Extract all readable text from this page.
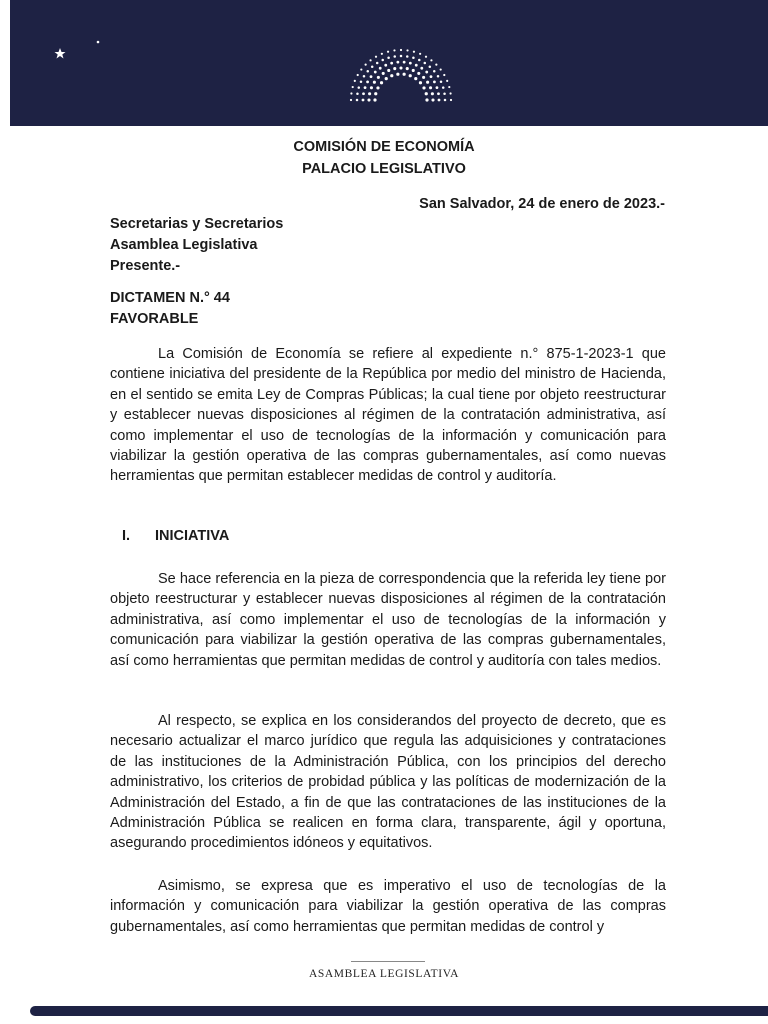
COMISIÓN DE ECONOMÍA
PALACIO LEGISLATIVO
San Salvador, 24 de enero de 2023.-
Secretarias y Secretarios
Asamblea Legislativa
Presente.-
DICTAMEN N.° 44
FAVORABLE

La Comisión de Economía se refiere al expediente n.° 875-1-2023-1 que contiene iniciativa del presidente de la República por medio del ministro de Hacienda, en el sentido se emita Ley de Compras Públicas; la cual tiene por objeto reestructurar y establecer nuevas disposiciones al régimen de la contratación administrativa, así como implementar el uso de tecnologías de la información y comunicación para viabilizar la gestión operativa de las compras gubernamentales, así como nuevas herramientas que permitan establecer medidas de control y auditoría.

I. INICIATIVA

Se hace referencia en la pieza de correspondencia que la referida ley tiene por objeto reestructurar y establecer nuevas disposiciones al régimen de la contratación administrativa, así como implementar el uso de tecnologías de la información y comunicación para viabilizar la gestión operativa de las compras gubernamentales, así como herramientas que permitan medidas de control y auditoría con tales medios.

Al respecto, se explica en los considerandos del proyecto de decreto, que es necesario actualizar el marco jurídico que regula las adquisiciones y contrataciones de las instituciones de la Administración Pública, con los principios del derecho administrativo, los criterios de probidad pública y las políticas de modernización de la Administración del Estado, a fin de que las contrataciones de las instituciones de la Administración Pública se realicen en forma clara, transparente, ágil y oportuna, asegurando procedimientos idóneos y equitativos.

Asimismo, se expresa que es imperativo el uso de tecnologías de la información y comunicación para viabilizar la gestión operativa de las compras gubernamentales, así como herramientas que permitan medidas de control y

ASAMBLEA LEGISLATIVA
